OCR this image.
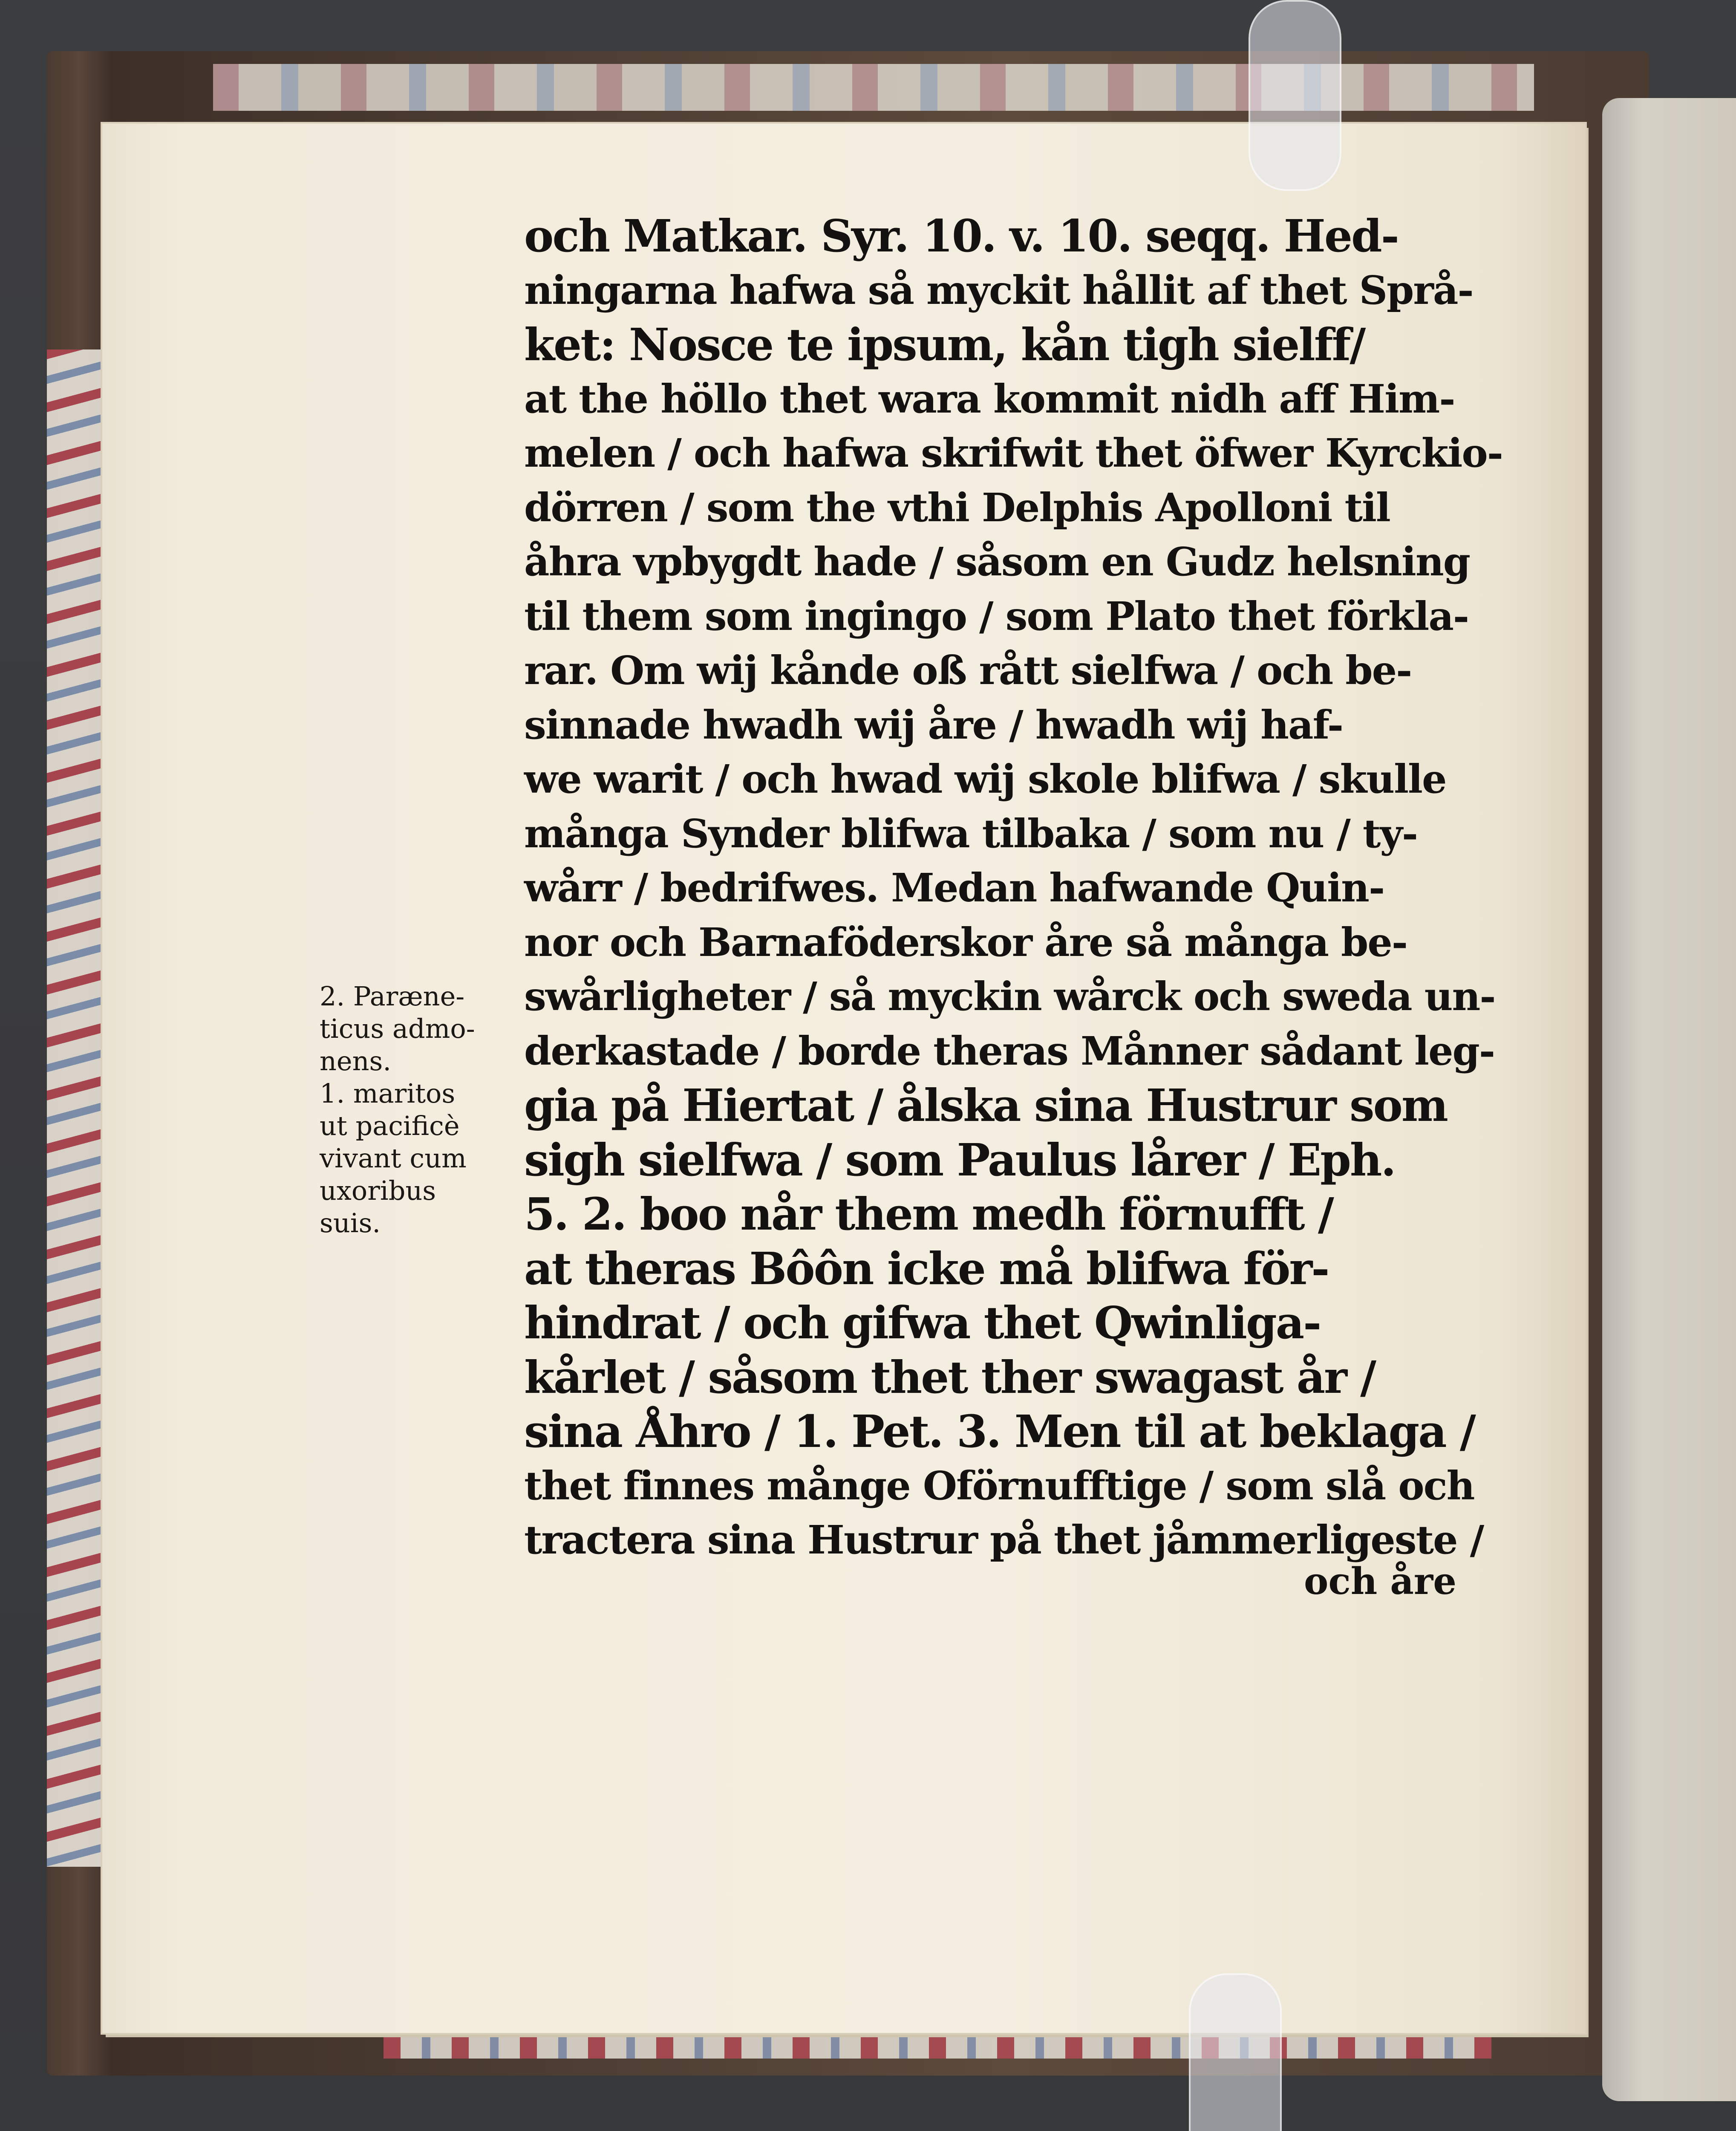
2. Paræne-
ticus admo-
nens.
1. maritos
ut pacificè
vivant cum
uxoribus
suis.
och Matkar. Syr. 10. v. 10. seqq. Hed-
ningarna hafwa så myckit hållit af thet Språ-
ket: Nosce te ipsum, kån tigh sielff/
at the höllo thet wara kommit nidh aff Him-
melen / och hafwa skrifwit thet öfwer Kyrckio-
dörren / som the vthi Delphis Apolloni til
åhra vpbygdt hade / såsom en Gudz helsning
til them som ingingo / som Plato thet förkla-
rar. Om wij kånde oß rått sielfwa / och be-
sinnade hwadh wij åre / hwadh wij haf-
we warit / och hwad wij skole blifwa / skulle
många Synder blifwa tilbaka / som nu / ty-
wårr / bedrifwes. Medan hafwande Quin-
nor och Barnaföderskor åre så många be-
swårligheter / så myckin wårck och sweda un-
derkastade / borde theras Månner sådant leg-
gia på Hiertat / ålska sina Hustrur som
sigh sielfwa / som Paulus lårer / Eph.
5. 2. boo når them medh förnufft /
at theras Bôôn icke må blifwa för-
hindrat / och gifwa thet Qwinliga-
kårlet / såsom thet ther swagast år /
sina Åhro / 1. Pet. 3. Men til at beklaga /
thet finnes månge Oförnufftige / som slå och
tractera sina Hustrur på thet jåmmerligeste /
och åre
